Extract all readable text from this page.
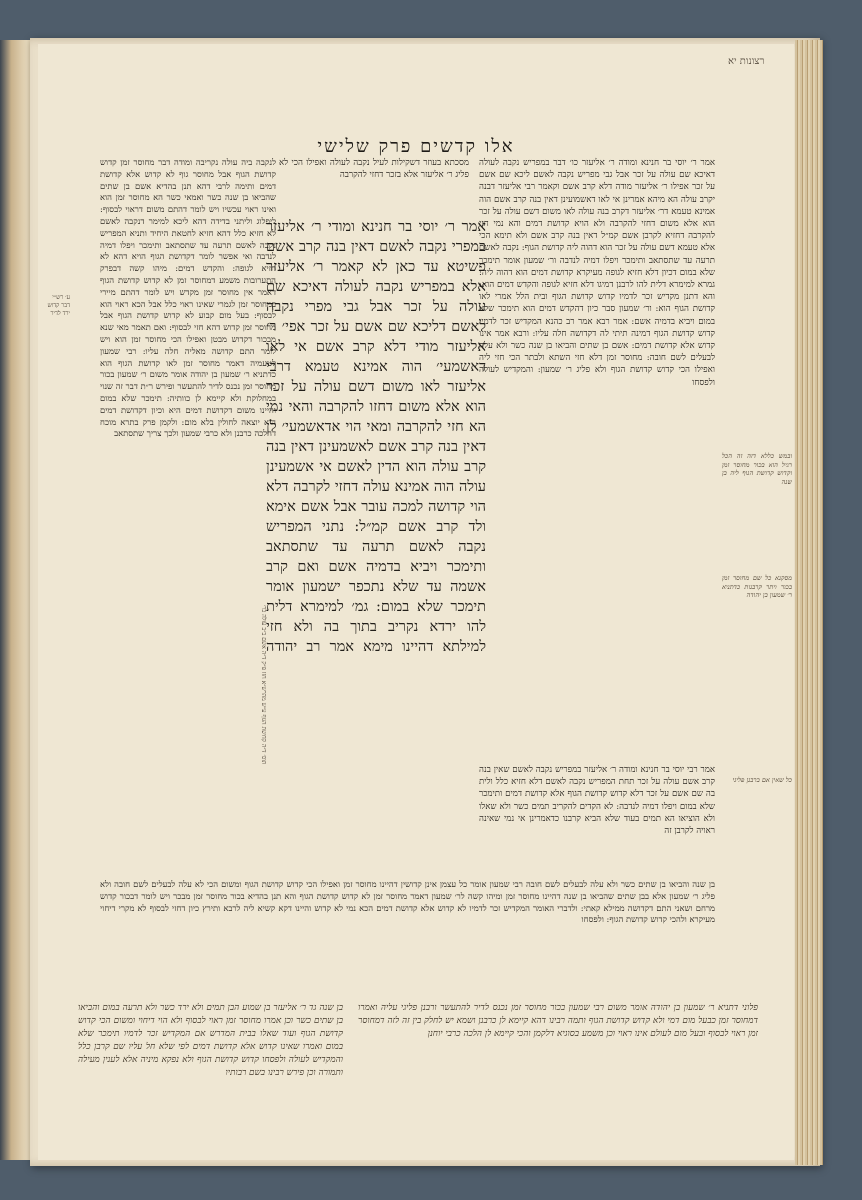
רצונות יא
אלו קדשים פרק שלישי
אמר ר׳ יוסי בר חנינא ומודה ר׳ אליעזר כו׳ דבר במפריש נקבה לעולה דאיכא שם עולה על זכר אבל גבי מפריש נקבה לאשם ליכא שם אשם על זכר אפילו ר׳ אליעזר מודה דלא קרב אשם וקאמר רבי אליעזר דבנה יקרב עולה הא מיהא אמרינן אי לאו דאשמועינן דאין בנה קרב אשם הוה אמינא טעמא דר׳ אליעזר דקרב בנה עולה לאו משום דשם עולה על זכר הוא אלא משום דחזי להקרבה ולא הויא קדושת דמים והא נמי חזי להקרבה דחזיא לקרבן אשם קמ״ל דאין בנה קרב אשם ולא תימא הכי אלא טעמא דשם עולה על זכר הוא דהוה ליה קדושת הגוף: נקבה לאשם תרעה עד שתסתאב ותימכר ויפלו דמיה לנדבה ור׳ שמעון אומר תימכר שלא במום דכיון דלא חזיא לגופה מעיקרא קדושת דמים הוא דהוה ליה: גמרא למימרא דלית להו לרבנן דמיגו דלא חזיא לגופה והקדש דמים הוא: והא דתנן מקדיש זכר לדמיו קדוש קדושת הגוף ובית הלל אמרי לאו קדושת הגוף הוא: ור׳ שמעון סבר כיון דהקדש דמים הוא תימכר שלא במום ויביא בדמיה אשם: אמר רבא אמר רב כהנא המקדיש זכר לדמיו קדוש קדושת הגוף דמינה תיתי לה דקדושה חלה עליו: ורבא אמר אינו קדוש אלא קדושת דמים: אשם בן שתים והביאו בן שנה כשר ולא עלה לבעלים לשם חובה: מחוסר זמן דלא חזי השתא ולבתר הכי חזי ליה ואפילו הכי קדוש קדושת הגוף ולא פליג ר׳ שמעון: והמקדיש לעולה ולפסחו
מסכתא בעוזר דשקילות לעיל נקבה לעולה ואפילו הכי לא פליג ר׳ אליעזר אלא בזכר דחזי להקרבה
לנקבה ביה עולה נקריבה ומודה דבר מחוסר זמן קדוש קדושת הגוף אבל מחוסר גוף לא קדוש אלא קדושת דמים ותימה לרבי דהא תנן בהדיא אשם בן שתים שהביאו בן שנה כשר ואמאי כשר הא מחוסר זמן הוא ואינו ראוי עכשיו ויש לומר דהתם משום דראוי לבסוף: ליפלוג וליתני בדידה דהא ליכא למימר דנקבה לאשם לא חזיא כלל דהא חזיא לחטאת היחיד ותניא המפריש נקבה לאשם תרעה עד שתסתאב ותימכר ויפלו דמיה לנדבה ואי אפשר לומר דקדושת הגוף הויא דהא לא חזיא לגופה: והקדש דמים: מיהו קשה דבפרק התערובות משמע דמחוסר זמן לא קדוש קדושת הגוף דאמר אין מחוסר זמן מקדש ויש לומר דהתם מיירי במחוסר זמן לגמרי שאינו ראוי כלל אבל הכא ראוי הוא לבסוף: בעל מום קבוע לא קדוש קדושת הגוף אבל מחוסר זמן קדוש דהא חזי לבסוף: ואם תאמר מאי שנא מבכור דקדוש מבטן ואפילו הכי מחוסר זמן הוא ויש לומר התם קדושה מאליה חלה עליו: רבי שמעון לטעמיה דאמר מחוסר זמן לאו קדושת הגוף הוא כדתניא ר׳ שמעון בן יהודה אומר משום ר׳ שמעון בכור מחוסר זמן נכנס לדיר להתעשר ופירש ר״ת דבר זה שנוי במחלוקת ולא קיימא לן כוותיה: תימכר שלא במום והיינו משום דקדושת דמים היא וכיון דקדושת דמים היא יוצאה לחולין בלא מום: ולקמן פרק בתרא מוכח דהלכה כרבנן ולא כרבי שמעון ולכך צריך שתסתאב
אמר ר׳ יוסי בר חנינא ומודי ר׳ אליעזר במפרי נקבה לאשם דאין בנה קרב אשם פשיטא עד כאן לא קאמר ר׳ אליעזר אלא במפריש נקבה לעולה דאיכא שם עולה על זכר אבל גבי מפרי נקבה לאשם דליכא שם אשם על זכר אפי׳ ר׳ אליעזר מודי דלא קרב אשם אי לאו דאשמעי׳ הוה אמינא טעמא דרבי אליעזר לאו משום דשם עולה על זכר הוא אלא משום דחזו להקרבה והאי נמי הא חזי להקרבה ומאי הוי אדאשמעי׳ לן דאין בנה קרב אשם לאשמעינן דאין בנה קרב עולה הוא הדין לאשם אי אשמעינן עולה הוה אמינא עולה דחזי לקרבה דלא הוי קדושה למכה עובר אבל אשם אימא ולד קרב אשם קמ״ל: נתני המפריש נקבה לאשם תרעה עד שתסתאב ותימכר ויביא בדמיה אשם ואם קרב אשמה עד שלא נתכפר ישמעון אומר תימכר שלא במום: גמ׳ למימרא דלית להו ירדא נקריב בתוך בה ולא חזי למילתא דהיינו מימא אמר רב יהודה
אמר רבי יוסי בר חנינא ומודה ר׳ אליעזר במפריש נקבה לאשם שאין בנה קרב אשם עולה על זכר תחת המפריש נקבה לאשם דלא חזיא כלל ולית בה שם אשם על זכר דלא קדוש קדושת הגוף אלא קדושת דמים ותימכר שלא במום ויפלו דמיה לנדבה: לא הקדים להקריב תמים כשר ולא שאלו ולא הוציאו הא תמים בעוד שלא הביא קרבנו כדאמרינן אי נמי שאינה ראויה לקרבן זה
בן שנה והביאו בן שתים כשר ולא עלה לבעלים לשם חובה רבי שמעון אומר כל עצמן אינן קדושין דהיינו מחוסר זמן ואפילו הכי קדוש קדושת הגוף ומשום הכי לא עלה לבעלים לשם חובה ולא פליג ר׳ שמעון אלא בבן שתים שהביאו בן שנה דהיינו מחוסר זמן ומיהו קשה לר׳ שמעון דאמר מחוסר זמן לא קדוש קדושת הגוף והא תנן בהדיא בכור מחוסר זמן מבכר ויש לומר דבכור קדוש מרחם ושאני התם דקדושה ממילא קאתי: ולדברי האומר המקדיש זכר לדמיו לא קדוש אלא קדושת דמים הכא נמי לא קדוש והיינו דקא קשיא ליה לרבא ותירץ כיון דחזי לבסוף לא מקרי דיחוי מעיקרא ולהכי קדוש קדושת הגוף: ולפסחו
בן שנה גד ר׳ אליעזר בן שמוע הבן תמים ולא ירד כשר ולא תרעה במום והביאו בן שתים כשר וכן אמרו מחוסר זמן ראוי לבסוף ולא הוי דיחוי ומשום הכי קדוש קדושת הגוף ועוד שאלו בבית המדרש אם המקדיש זכר לדמיו תימכר שלא במום ואמרו שאינו קדוש אלא קדושת דמים לפי שלא חל עליו שם קרבן כלל והמקדיש לעולה ולפסחו קדוש קדושת הגוף ולא נפקא מיניה אלא לענין מעילה ותמורה וכן פירש רבינו בשם רבותיו
פלוני דתניא ר׳ שמעון בן יהודה אומר משום רבי שמעון בכור מחוסר זמן נכנס לדיר להתעשר ורבנן פליגי עליה ואמרו דמחוסר זמן כבעל מום דמי ולא קדוש קדושת הגוף ותמה רבינו דהא קיימא לן כרבנן ושמא יש לחלק בין זה לזה דמחוסר זמן ראוי לבסוף ובעל מום לעולם אינו ראוי וכן משמע בסוגיא דלקמן והכי קיימא לן הלכה כרבי יוחנן
ובמש כללא דזה זה הכל רגיל הוא בכור מחוסר זמן וקדוש קדושת הגוף ליה בן שנה
מסקנא כל שם מחוסר זמן בכור ויתר קרבנות כדתניא ר׳ שמעון בן יהודה
כל שאין אם ברבנן פליגי
תוס׳ ד״ה קדושת הגוף ע״ש מהרש״א חזו פ״ק ד״ה אשם ב״ב עולה כר׳
ע׳ רש״י
דבר קדוש
ירד לדיר
